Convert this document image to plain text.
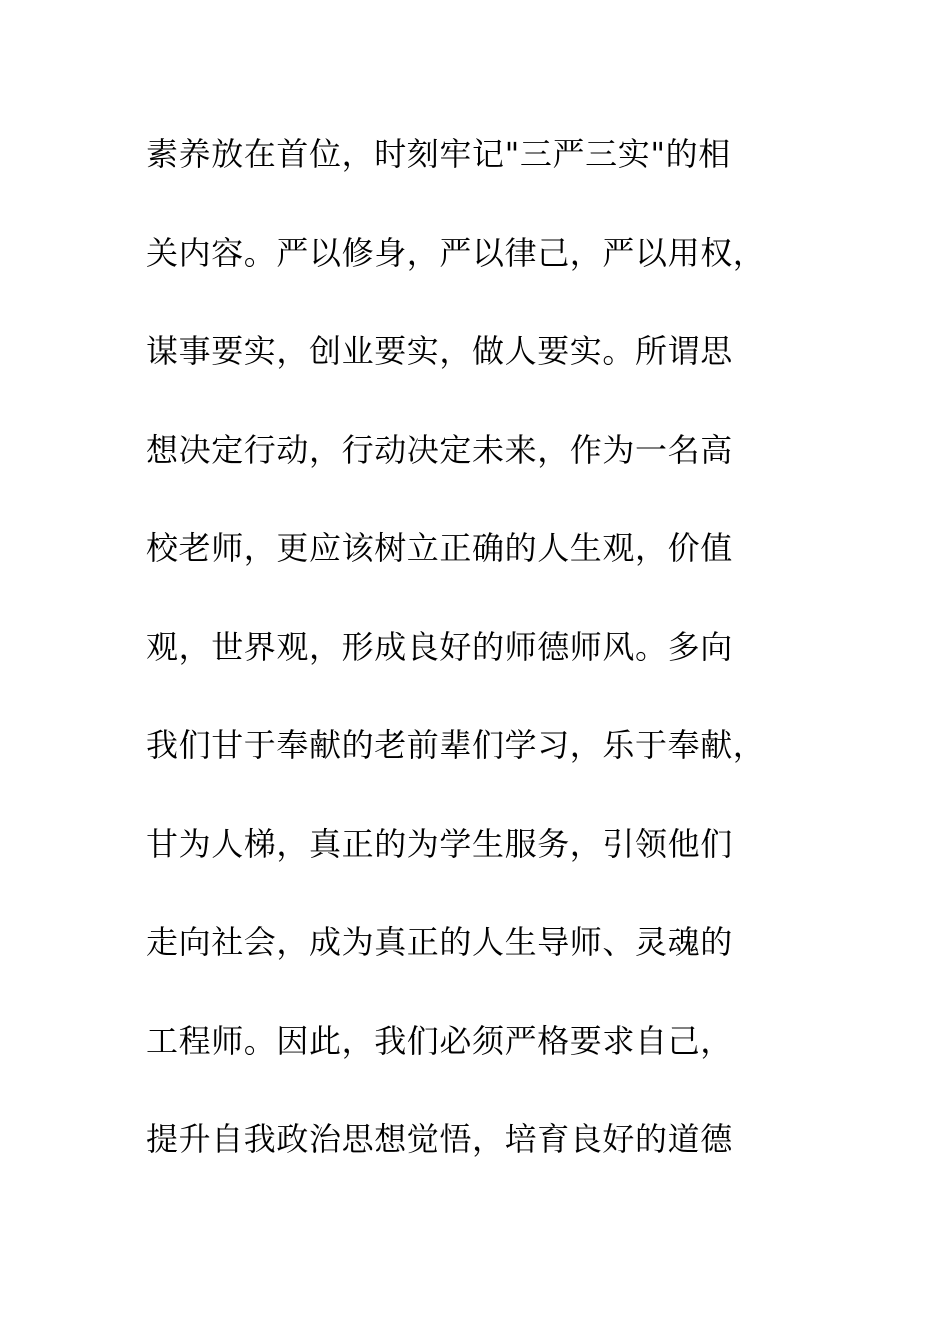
素养放在首位，时刻牢记"三严三实"的相
关内容。严以修身，严以律己，严以用权，
谋事要实，创业要实，做人要实。所谓思
想决定行动，行动决定未来，作为一名高
校老师，更应该树立正确的人生观，价值
观，世界观，形成良好的师德师风。多向
我们甘于奉献的老前辈们学习，乐于奉献，
甘为人梯，真正的为学生服务，引领他们
走向社会，成为真正的人生导师、灵魂的
工程师。因此，我们必须严格要求自己，
提升自我政治思想觉悟，培育良好的道德
